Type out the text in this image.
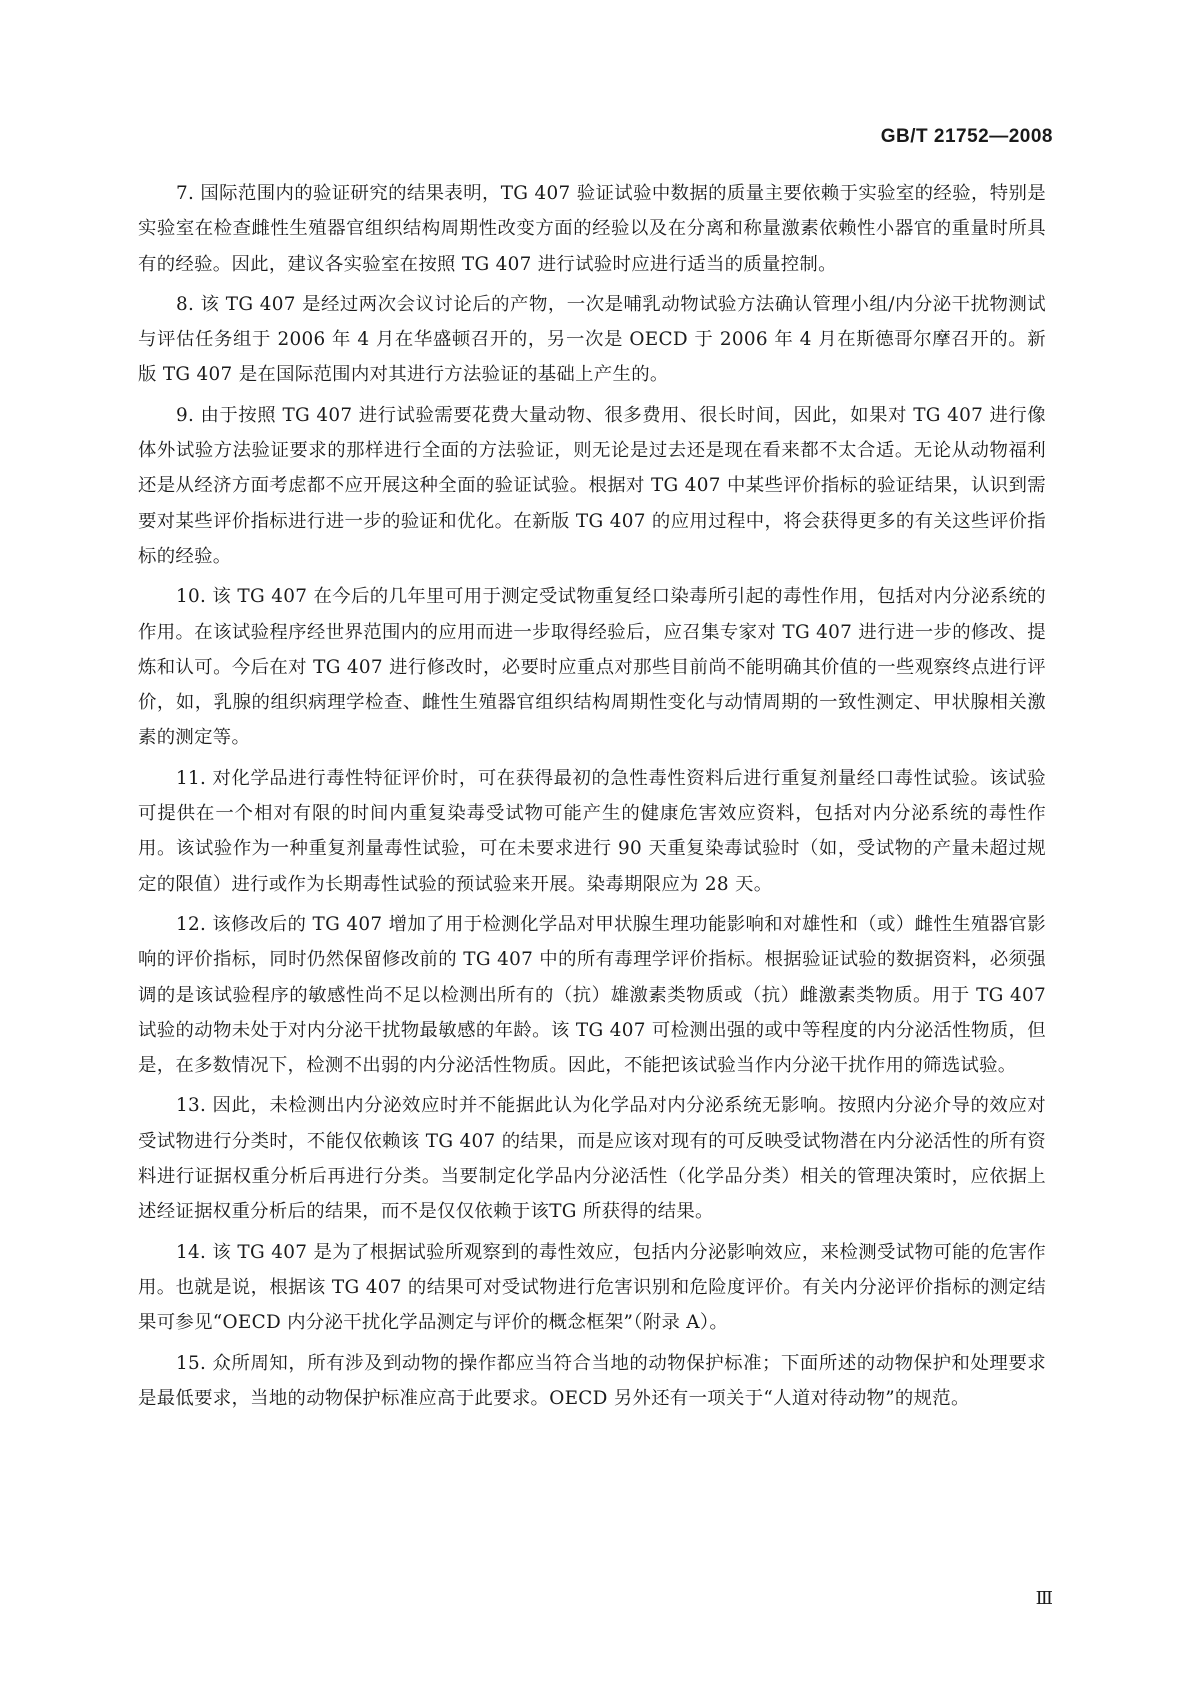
GB/T 21752—2008

7. 国际范围内的验证研究的结果表明，TG 407 验证试验中数据的质量主要依赖于实验室的经验，特别是实验室在检查雌性生殖器官组织结构周期性改变方面的经验以及在分离和称量激素依赖性小器官的重量时所具有的经验。因此，建议各实验室在按照 TG 407 进行试验时应进行适当的质量控制。

8. 该 TG 407 是经过两次会议讨论后的产物，一次是哺乳动物试验方法确认管理小组/内分泌干扰物测试与评估任务组于 2006 年 4 月在华盛顿召开的，另一次是 OECD 于 2006 年 4 月在斯德哥尔摩召开的。新版 TG 407 是在国际范围内对其进行方法验证的基础上产生的。

9. 由于按照 TG 407 进行试验需要花费大量动物、很多费用、很长时间，因此，如果对 TG 407 进行像体外试验方法验证要求的那样进行全面的方法验证，则无论是过去还是现在看来都不太合适。无论从动物福利还是从经济方面考虑都不应开展这种全面的验证试验。根据对 TG 407 中某些评价指标的验证结果，认识到需要对某些评价指标进行进一步的验证和优化。在新版 TG 407 的应用过程中，将会获得更多的有关这些评价指标的经验。

10. 该 TG 407 在今后的几年里可用于测定受试物重复经口染毒所引起的毒性作用，包括对内分泌系统的作用。在该试验程序经世界范围内的应用而进一步取得经验后，应召集专家对 TG 407 进行进一步的修改、提炼和认可。今后在对 TG 407 进行修改时，必要时应重点对那些目前尚不能明确其价值的一些观察终点进行评价，如，乳腺的组织病理学检查、雌性生殖器官组织结构周期性变化与动情周期的一致性测定、甲状腺相关激素的测定等。

11. 对化学品进行毒性特征评价时，可在获得最初的急性毒性资料后进行重复剂量经口毒性试验。该试验可提供在一个相对有限的时间内重复染毒受试物可能产生的健康危害效应资料，包括对内分泌系统的毒性作用。该试验作为一种重复剂量毒性试验，可在未要求进行 90 天重复染毒试验时（如，受试物的产量未超过规定的限值）进行或作为长期毒性试验的预试验来开展。染毒期限应为 28 天。

12. 该修改后的 TG 407 增加了用于检测化学品对甲状腺生理功能影响和对雄性和（或）雌性生殖器官影响的评价指标，同时仍然保留修改前的 TG 407 中的所有毒理学评价指标。根据验证试验的数据资料，必须强调的是该试验程序的敏感性尚不足以检测出所有的（抗）雄激素类物质或（抗）雌激素类物质。用于 TG 407 试验的动物未处于对内分泌干扰物最敏感的年龄。该 TG 407 可检测出强的或中等程度的内分泌活性物质，但是，在多数情况下，检测不出弱的内分泌活性物质。因此，不能把该试验当作内分泌干扰作用的筛选试验。

13. 因此，未检测出内分泌效应时并不能据此认为化学品对内分泌系统无影响。按照内分泌介导的效应对受试物进行分类时，不能仅依赖该 TG 407 的结果，而是应该对现有的可反映受试物潜在内分泌活性的所有资料进行证据权重分析后再进行分类。当要制定化学品内分泌活性（化学品分类）相关的管理决策时，应依据上述经证据权重分析后的结果，而不是仅仅依赖于该TG 所获得的结果。

14. 该 TG 407 是为了根据试验所观察到的毒性效应，包括内分泌影响效应，来检测受试物可能的危害作用。也就是说，根据该 TG 407 的结果可对受试物进行危害识别和危险度评价。有关内分泌评价指标的测定结果可参见“OECD 内分泌干扰化学品测定与评价的概念框架”（附录 A）。

15. 众所周知，所有涉及到动物的操作都应当符合当地的动物保护标准；下面所述的动物保护和处理要求是最低要求，当地的动物保护标准应高于此要求。OECD 另外还有一项关于“人道对待动物”的规范。

Ⅲ
